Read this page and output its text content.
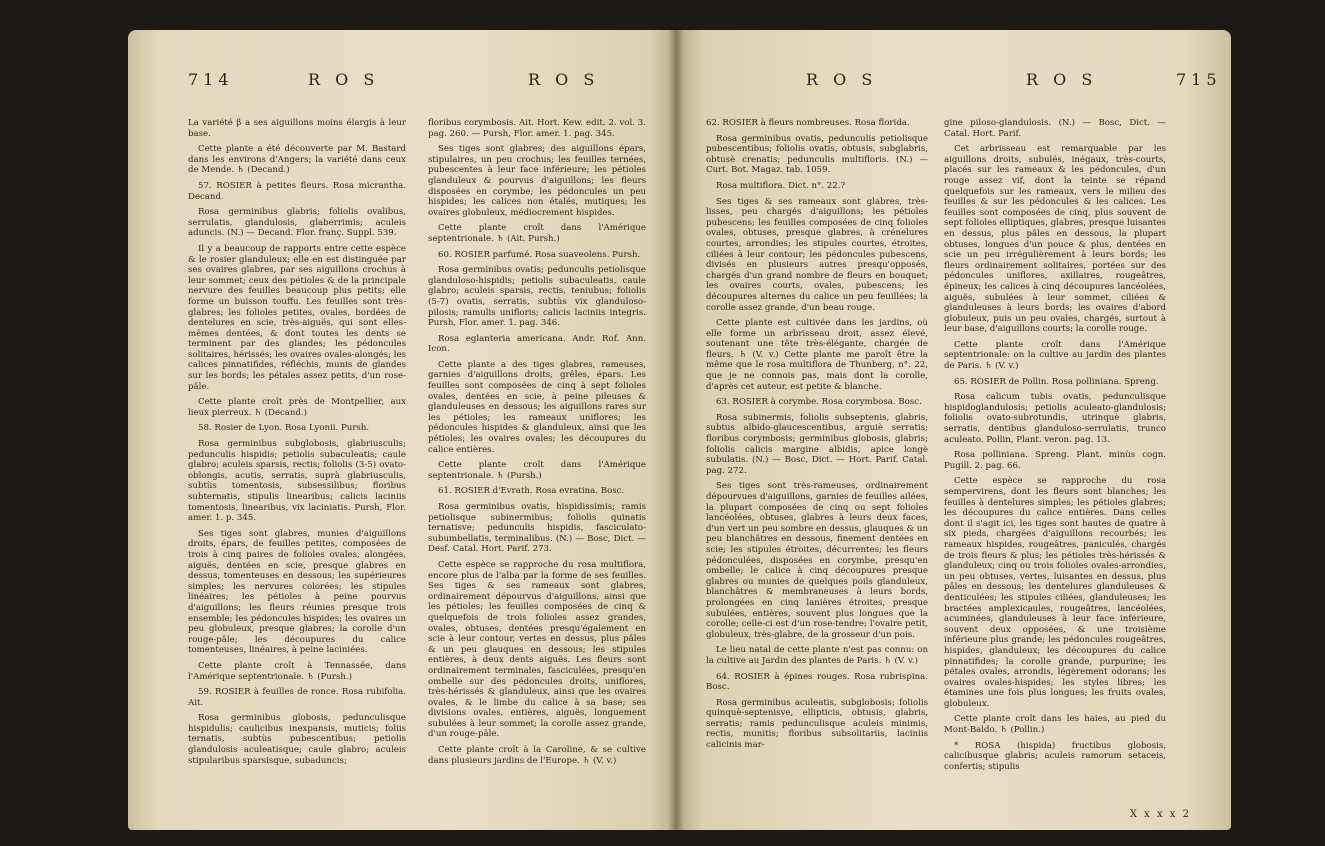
714	R O S	R O S

La variété β a ses aiguillons moins élargis à leur base.

Cette plante a été découverte par M. Bastard dans les environs d'Angers; la variété dans ceux de Mende. ♄ (Decand.)

57. ROSIER à petites fleurs. Rosa micrantha. Decand.

Rosa germinibus glabris; foliolis ovalibus, serrulatis, glandulosis, glaberrimis; aculeis aduncis. (N.) — Decand. Flor. franç. Suppl. 539.

Il y a beaucoup de rapports entre cette espèce & le rosier glanduleux; elle en est distinguée par ses ovaires glabres, par ses aiguillons crochus à leur sommet; ceux des pétioles & de la principale nervure des feuilles beaucoup plus petits; elle forme un buisson touffu. Les feuilles sont très-glabres; les folioles petites, ovales, bordées de dentelures en scie, très-aiguës, qui sont elles-mêmes dentées, & dont toutes les dents se terminent par des glandes; les pédoncules solitaires, hérissés; les ovaires ovales-alongés; les calices pinnatifides, réfléchis, munis de glandes sur les bords; les pétales assez petits, d'un rose-pâle.

Cette plante croît près de Montpellier, aux lieux pierreux. ♄ (Decand.)

58. Rosier de Lyon. Rosa Lyonii. Pursh.

Rosa germinibus subglobosis, glabriusculis; pedunculis hispidis; petiolis subaculeatis; caule glabro; aculeis sparsis, rectis; foliolis (3-5) ovato-oblongis, acutis, serratis, suprà glabriusculis, subtùs tomentosis, subsessilibus; floribus subternatis, stipulis linearibus; calicis laciniis tomentosis, linearibus, vix laciniatis. Pursh, Flor. amer. 1. p. 345.

Ses tiges sont glabres, munies d'aiguillons droits, épars, de feuilles petites, composées de trois à cinq paires de folioles ovales, alongées, aiguës, dentées en scie, presque glabres en dessus, tomenteuses en dessous; les supérieures simples; les nervures colorées; les stipules linéaires; les pétioles à peine pourvus d'aiguillons; les fleurs réunies presque trois ensemble; les pédoncules hispides; les ovaires un peu globuleux, presque glabres; la corolle d'un rouge-pâle; les découpures du calice tomenteuses, linéaires, à peine laciniées.

Cette plante croît à Tennassée, dans l'Amérique septentrionale. ♄ (Pursh.)

59. ROSIER à feuilles de ronce. Rosa rubifolia. Ait.

Rosa germinibus globosis, pedunculisque hispidulis; caulicibus inexpansis, muticis; foliis ternatis, subtùs pubescentibus; petiolis glandulosis aculeatisque; caule glabro; aculeis stipularibus sparsisque, subaduncis;

floribus corymbosis. Ait. Hort. Kew. edit. 2. vol. 3. pag. 260. — Pursh, Flor. amer. 1. pag. 345.

Ses tiges sont glabres; des aiguillons épars, stipulaires, un peu crochus; les feuilles ternées, pubescentes à leur face inférieure; les pétioles glanduleux & pourvus d'aiguillons; les fleurs disposées en corymbe; les pédoncules un peu hispides; les calices non étalés, mutiques; les ovaires globuleux, médiocrement hispides.

Cette plante croît dans l'Amérique septentrionale. ♄ (Ait. Pursh.)

60. ROSIER parfumé. Rosa suaveolens. Pursh.

Rosa germinibus ovatis; pedunculis petiolisque glanduloso-hispidis; petiolis subaculeatis, caule glabro; aculeis sparsis, rectis, teniubus; foliolis (5-7) ovatis, serratis, subtùs vix glanduloso-pilosis; ramulis unifloris; calicis laciniis integris. Pursh, Flor. amer. 1. pag. 346.

Rosa eglanteria americana. Andr. Rof. Ann. Icon.

Cette plante a des tiges glabres, rameuses, garnies d'aiguillons droits, grêles, épars. Les feuilles sont composées de cinq à sept folioles ovales, dentées en scie, à peine pileuses & glanduleuses en dessous; les aiguillons rares sur les pétioles; les rameaux uniflores; les pédoncules hispides & glanduleux, ainsi que les pétioles; les ovaires ovales; les découpures du calice entières.

Cette plante croît dans l'Amérique septentrionale. ♄ (Pursh.)

61. ROSIER d'Evrath. Rosa evratina. Bosc.

Rosa germinibus ovatis, hispidissimis; ramis petiolisque subinermibus; foliolis quinatis ternatisve; pedunculis hispidis, fasciculato-subumbellatis, terminalibus. (N.) — Bosc, Dict. — Desf. Catal. Hort. Parif. 273.

Cette espèce se rapproche du rosa multiflora, encore plus de l'alba par la forme de ses feuilles. Ses tiges & ses rameaux sont glabres, ordinairement dépourvus d'aiguillons, ainsi que les pétioles; les feuilles composées de cinq & quelquefois de trois folioles assez grandes, ovales, obtuses, dentées presqu'également en scie à leur contour, vertes en dessus, plus pâles & un peu glauques en dessous; les stipules entières, à deux dents aiguës. Les fleurs sont ordinairement terminales, fasciculées, presqu'en ombelle sur des pédoncules droits, uniflores, très-hérissés & glanduleux, ainsi que les ovaires ovales, & le limbe du calice à sa base; ses divisions ovales, entières, aiguës, longuement subulées à leur sommet; la corolle assez grande, d'un rouge-pâle.

Cette plante croît à la Caroline, & se cultive dans plusieurs jardins de l'Europe. ♄ (V. v.)

R O S	R O S	715

62. ROSIER à fleurs nombreuses. Rosa florida.

Rosa germinibus ovatis, pedunculis petiolisque pubescentibus; foliolis ovatis, obtusis, subglabris, obtusè crenatis; pedunculis multifloris. (N.) — Curt. Bot. Magaz. tab. 1059.

Rosa multiflora. Dict. n°. 22.?

Ses tiges & ses rameaux sont glabres, très-lisses, peu chargés d'aiguillons; les pétioles pubescens; les feuilles composées de cinq folioles ovales, obtuses, presque glabres, à crénelures courtes, arrondies; les stipules courtes, étroites, ciliées à leur contour; les pédoncules pubescens, divisés en plusieurs autres presqu'opposés, chargés d'un grand nombre de fleurs en bouquet; les ovaires courts, ovales, pubescens; les découpures alternes du calice un peu feuillées; la corolle assez grande, d'un beau rouge.

Cette plante est cultivée dans les jardins, où elle forme un arbrisseau droit, assez élevé, soutenant une tête très-élégante, chargée de fleurs. ♄ (V. v.) Cette plante me paroît être la même que le rosa multiflora de Thunberg, n°. 22, que je ne connois pas, mais dont la corolle, d'après cet auteur, est petite & blanche.

63. ROSIER à corymbe. Rosa corymbosa. Bosc.

Rosa subinermis, foliolis subseptenis, glabris, subtus albido-glaucescentibus, arguiè serratis; floribus corymbosis; germinibus globosis, glabris; foliolis calicis margine albidis, apice longè subulatis. (N.) — Bosc, Dict. — Hort. Parif. Catal. pag. 272.

Ses tiges sont très-rameuses, ordinairement dépourvues d'aiguillons, garnies de feuilles ailées, la plupart composées de cinq ou sept folioles lancéolées, obtuses, glabres à leurs deux faces, d'un vert un peu sombre en dessus, glauques & un peu blanchâtres en dessous, finement dentées en scie; les stipules étroites, décurrentes; les fleurs pédonculées, disposées en corymbe, presqu'en ombelle; le calice à cinq découpures presque glabres ou munies de quelques poils glanduleux, blanchâtres & membraneuses à leurs bords, prolongées en cinq lanières étroites, presque subulées, entières, souvent plus longues que la corolle; celle-ci est d'un rose-tendre; l'ovaire petit, globuleux, très-glabre, de la grosseur d'un pois.

Le lieu natal de cette plante n'est pas connu: on la cultive au Jardin des plantes de Paris. ♄ (V. v.)

64. ROSIER à épines rouges. Rosa rubrispina. Bosc.

Rosa germinibus aculeatis, subglobosis; foliolis quinquè-septenisve, ellipticis, obtusis, glabris, serratis; ramis pedunculisque aculeis minimis, rectis, munitis; floribus subsolitariis, laciniis calicinis mar-

gine piloso-glandulosis. (N.) — Bosc, Dict. — Catal. Hort. Parif.

Cet arbrisseau est remarquable par les aiguillons droits, subulés, inégaux, très-courts, placés sur les rameaux & les pédoncules, d'un rouge assez vif, dont la teinte se répand quelquefois sur les rameaux, vers le milieu des feuilles & sur les pédoncules & les calices. Les feuilles sont composées de cinq, plus souvent de sept folioles elliptiques, glabres, presque luisantes en dessus, plus pâles en dessous, la plupart obtuses, longues d'un pouce & plus, dentées en scie un peu irrégulièrement à leurs bords; les fleurs ordinairement solitaires, portées sur des pédoncules uniflores, axillaires, rougeâtres, épineux; les calices à cinq découpures lancéolées, aiguës, subulées à leur sommet, ciliées & glanduleuses à leurs bords; les ovaires d'abord globuleux, puis un peu ovales, chargés, surtout à leur base, d'aiguillons courts; la corolle rouge.

Cette plante croît dans l'Amérique septentrionale: on la cultive au jardin des plantes de Paris. ♄ (V. v.)

65. ROSIER de Pollin. Rosa polliniana. Spreng.

Rosa calicum tubis ovatis, pedunculisque hispidoglandulosis; petiolis aculeato-glandulosis; foliolis ovato-subrotundis, utrinquè glabris, serratis, dentibus glanduloso-serrulatis, trunco aculeato. Pollin, Plant. veron. pag. 13.

Rosa polliniana. Spreng. Plant. minùs cogn. Pugill. 2. pag. 66.

Cette espèce se rapproche du rosa sempervirens, dont les fleurs sont blanches; les feuilles à dentelures simples; les pétioles glabres; les découpures du calice entières. Dans celles dont il s'agit ici, les tiges sont hautes de quatre à six pieds, chargées d'aiguillons recourbés; les rameaux hispides, rougeâtres, paniculés, chargés de trois fleurs & plus; les pétioles très-hérissés & glanduleux; cinq ou trois folioles ovales-arrondies, un peu obtuses, vertes, luisantes en dessus, plus pâles en dessous; les dentelures glanduleuses & denticulées; les stipules ciliées, glanduleuses; les bractées amplexicaules, rougeâtres, lancéolées, acuminées, glanduleuses à leur face inférieure, souvent deux opposées, & une troisième inférieure plus grande; les pédoncules rougeâtres, hispides, glanduleux; les découpures du calice pinnatifides; la corolle grande, purpurine; les pétales ovales, arrondis, légèrement odorans; les ovaires ovales-hispides; les styles libres; les étamines une fois plus longues; les fruits ovales, globuleux.

Cette plante croît dans les haies, au pied du Mont-Baldo. ♄ (Pollin.)

* ROSA (hispida) fructibus globosis, calicibusque glabris; aculeis ramorum setaceis, confertis; stipulis

X x x x 2
